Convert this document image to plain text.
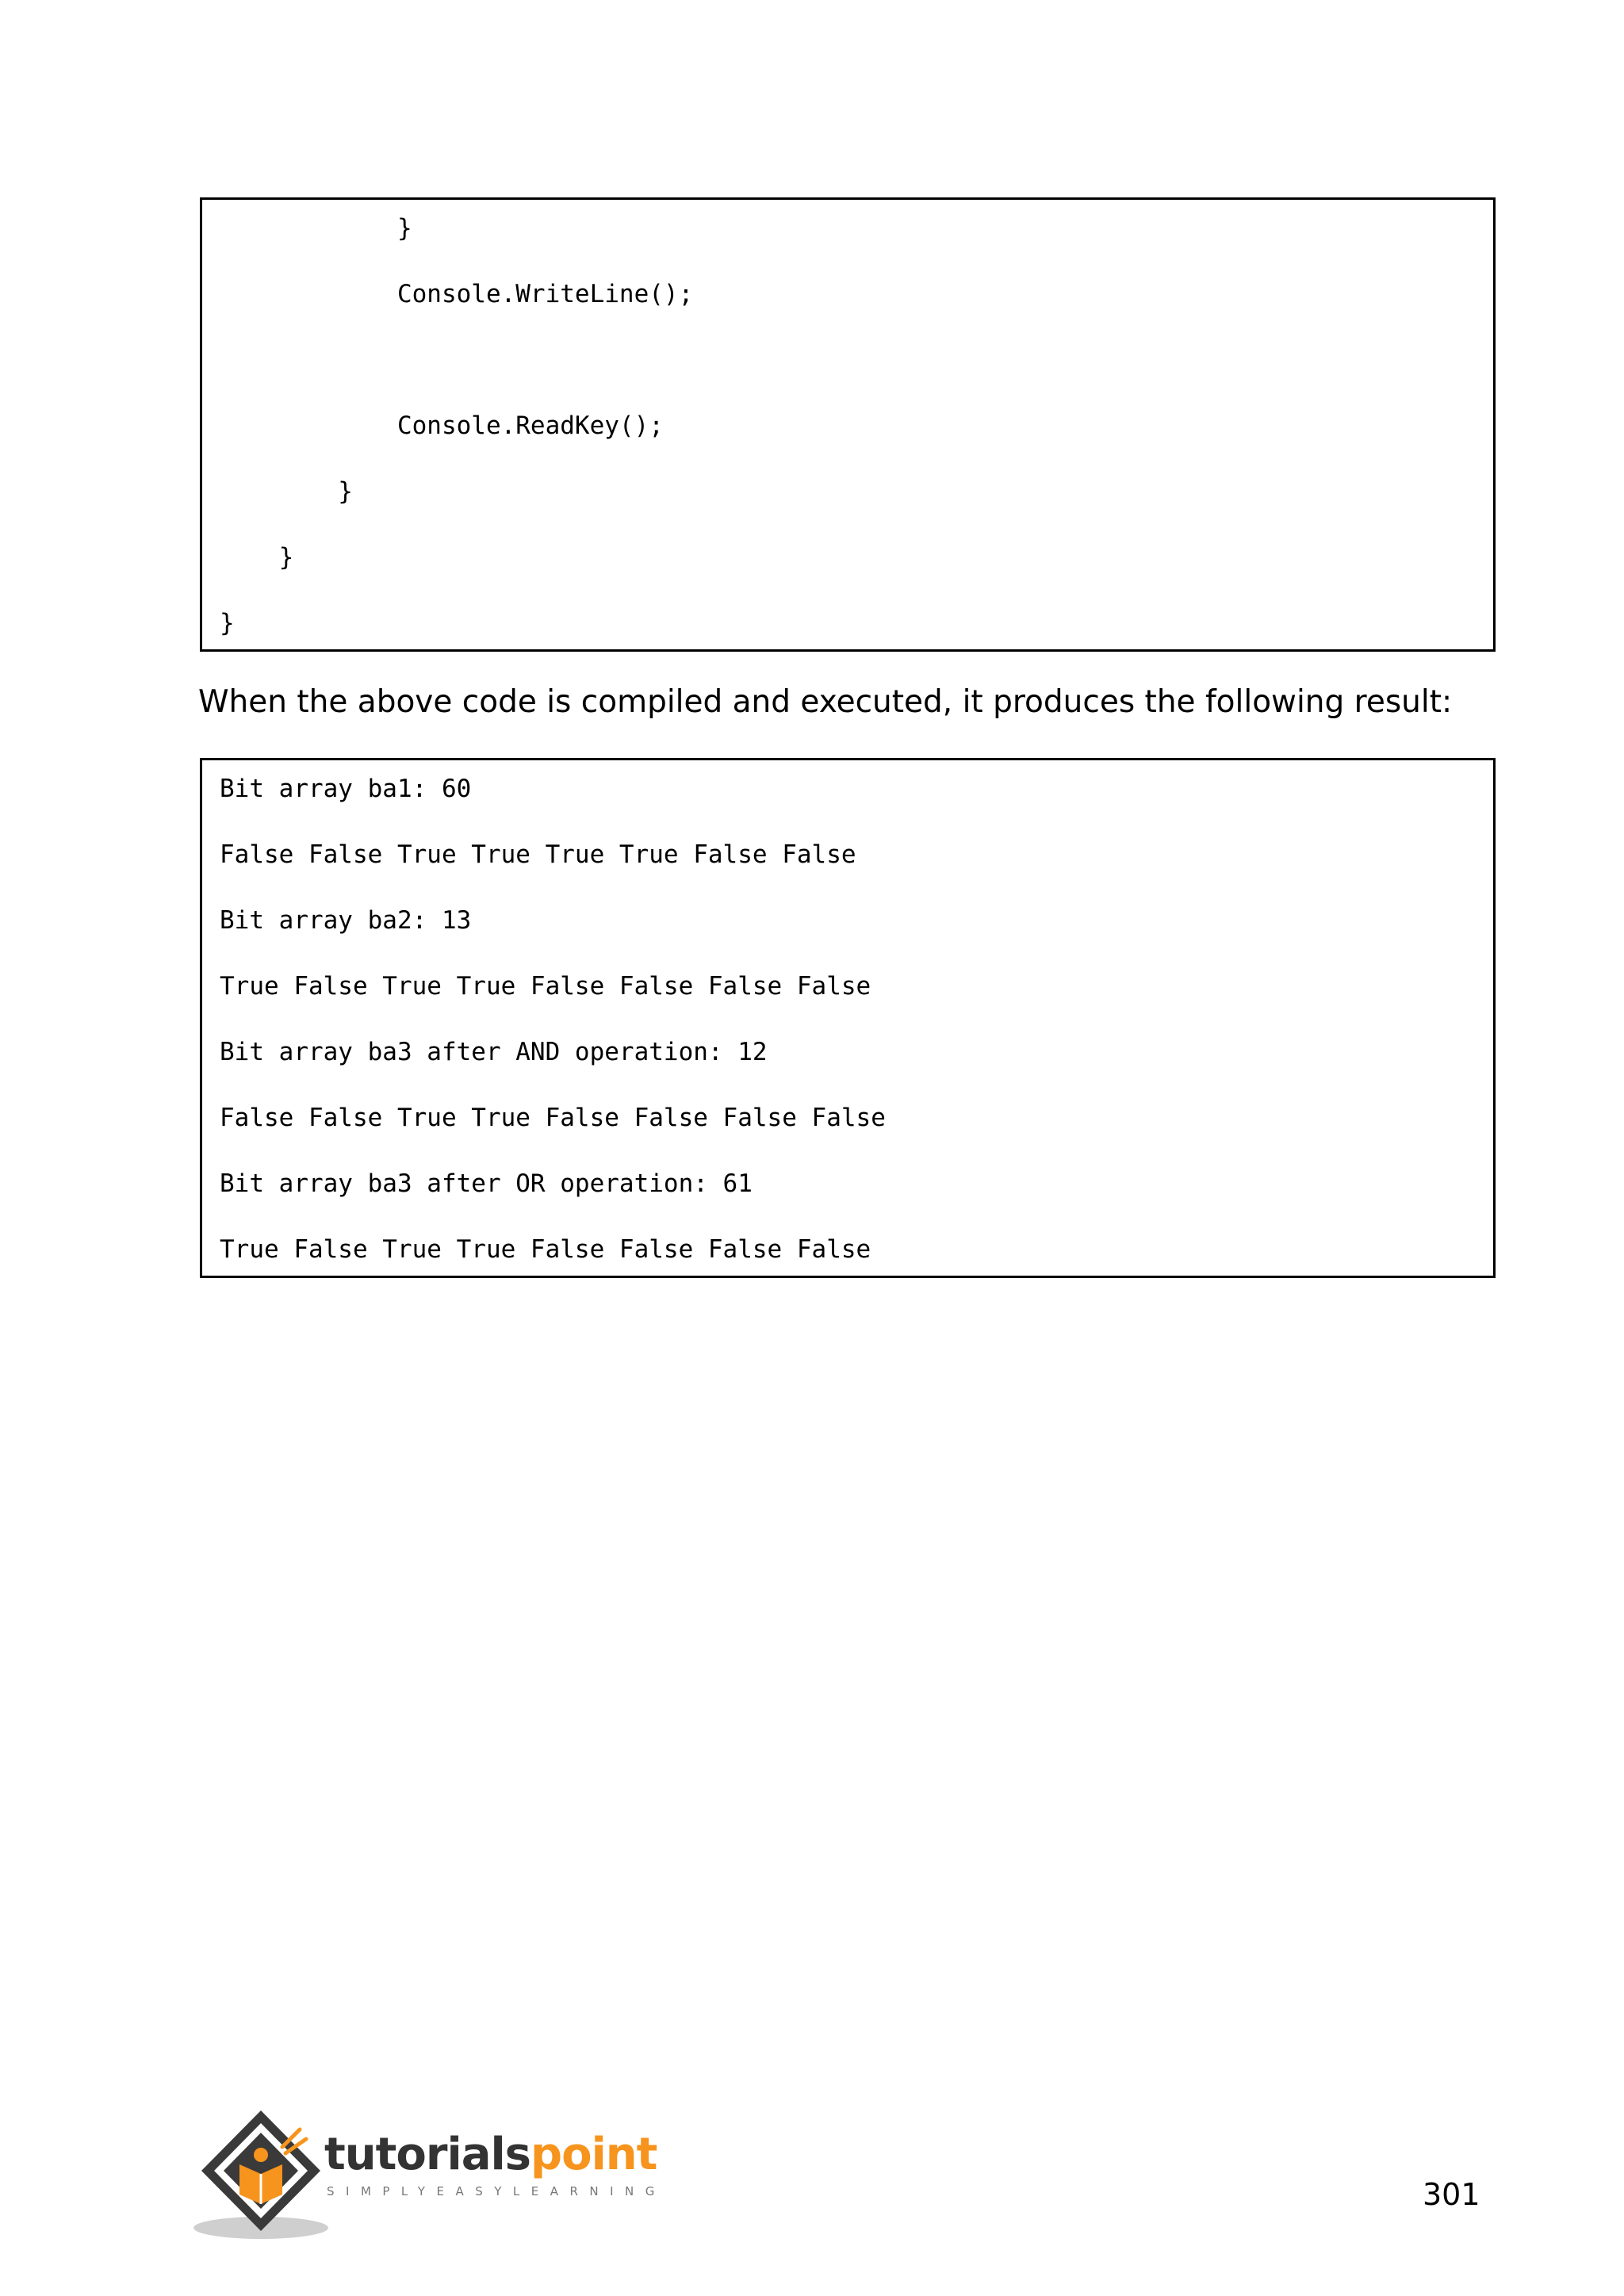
}
Console.WriteLine();
Console.ReadKey();
}
}
}
When the above code is compiled and executed, it produces the following result:
Bit array ba1: 60
False False True True True True False False
Bit array ba2: 13
True False True True False False False False
Bit array ba3 after AND operation: 12
False False True True False False False False
Bit array ba3 after OR operation: 61
True False True True False False False False
tutorialspoint
SIMPLYEASYLEARNING	301
